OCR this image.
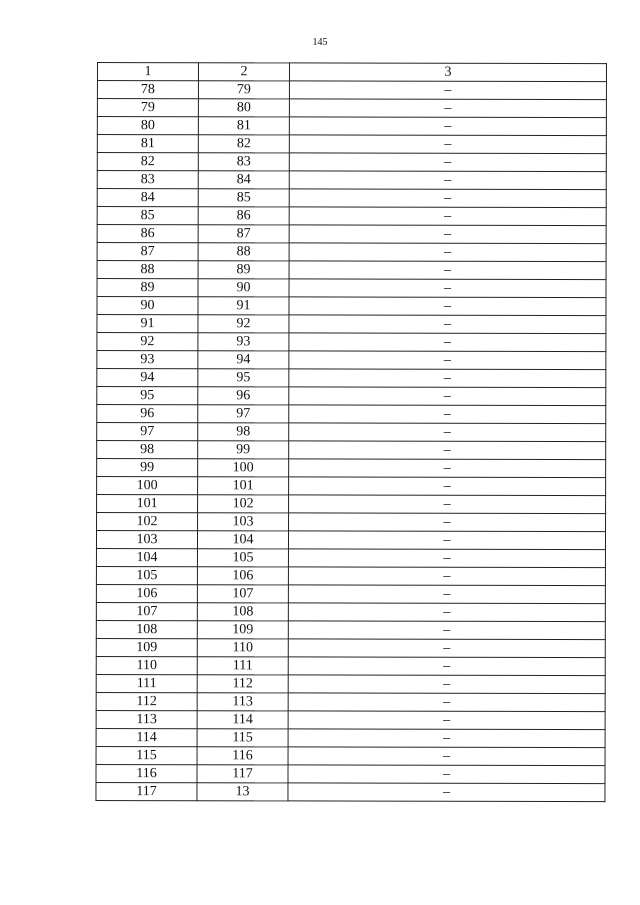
145
1	2	3
78	79	–
79	80	–
80	81	–
81	82	–
82	83	–
83	84	–
84	85	–
85	86	–
86	87	–
87	88	–
88	89	–
89	90	–
90	91	–
91	92	–
92	93	–
93	94	–
94	95	–
95	96	–
96	97	–
97	98	–
98	99	–
99	100	–
100	101	–
101	102	–
102	103	–
103	104	–
104	105	–
105	106	–
106	107	–
107	108	–
108	109	–
109	110	–
110	111	–
111	112	–
112	113	–
113	114	–
114	115	–
115	116	–
116	117	–
117	13	–
